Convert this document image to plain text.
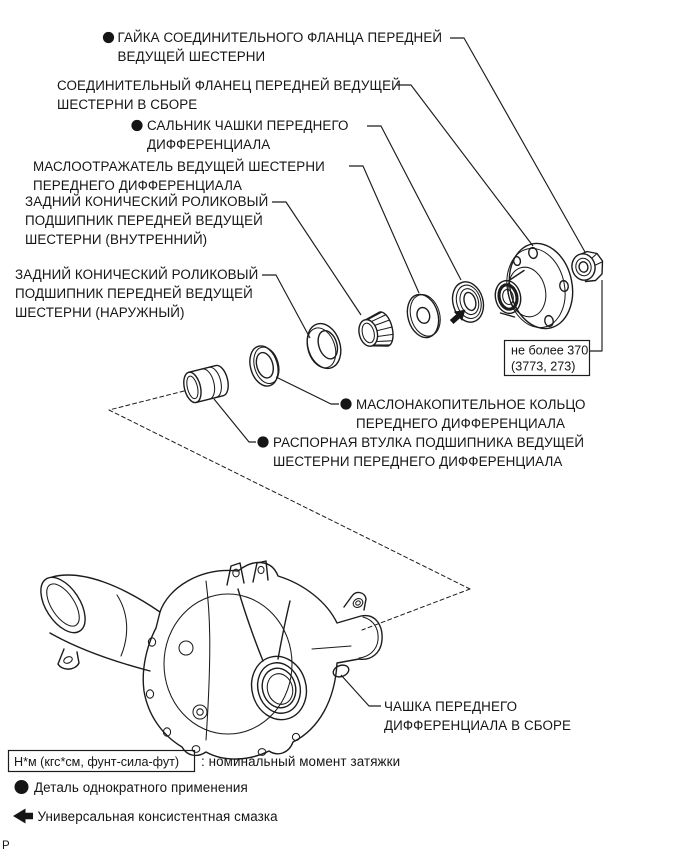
ГАЙКА СОЕДИНИТЕЛЬНОГО ФЛАНЦА ПЕРЕДНЕЙ
ВЕДУЩЕЙ ШЕСТЕРНИ
СОЕДИНИТЕЛЬНЫЙ ФЛАНЕЦ ПЕРЕДНЕЙ ВЕДУЩЕЙ
ШЕСТЕРНИ В СБОРЕ
САЛЬНИК ЧАШКИ ПЕРЕДНЕГО
ДИФФЕРЕНЦИАЛА
МАСЛООТРАЖАТЕЛЬ ВЕДУЩЕЙ ШЕСТЕРНИ
ПЕРЕДНЕГО ДИФФЕРЕНЦИАЛА
ЗАДНИЙ КОНИЧЕСКИЙ РОЛИКОВЫЙ
ПОДШИПНИК ПЕРЕДНЕЙ ВЕДУЩЕЙ
ШЕСТЕРНИ (ВНУТРЕННИЙ)
ЗАДНИЙ КОНИЧЕСКИЙ РОЛИКОВЫЙ
ПОДШИПНИК ПЕРЕДНЕЙ ВЕДУЩЕЙ
ШЕСТЕРНИ (НАРУЖНЫЙ)
МАСЛОНАКОПИТЕЛЬНОЕ КОЛЬЦО
ПЕРЕДНЕГО ДИФФЕРЕНЦИАЛА
РАСПОРНАЯ ВТУЛКА ПОДШИПНИКА ВЕДУЩЕЙ
ШЕСТЕРНИ ПЕРЕДНЕГО ДИФФЕРЕНЦИАЛА
ЧАШКА ПЕРЕДНЕГО
ДИФФЕРЕНЦИАЛА В СБОРЕ
не более 370
(3773, 273)
Н*м (кгс*см, фунт-сила-фут) : номинальный момент затяжки
Деталь однократного применения
Универсальная консистентная смазка
Р
